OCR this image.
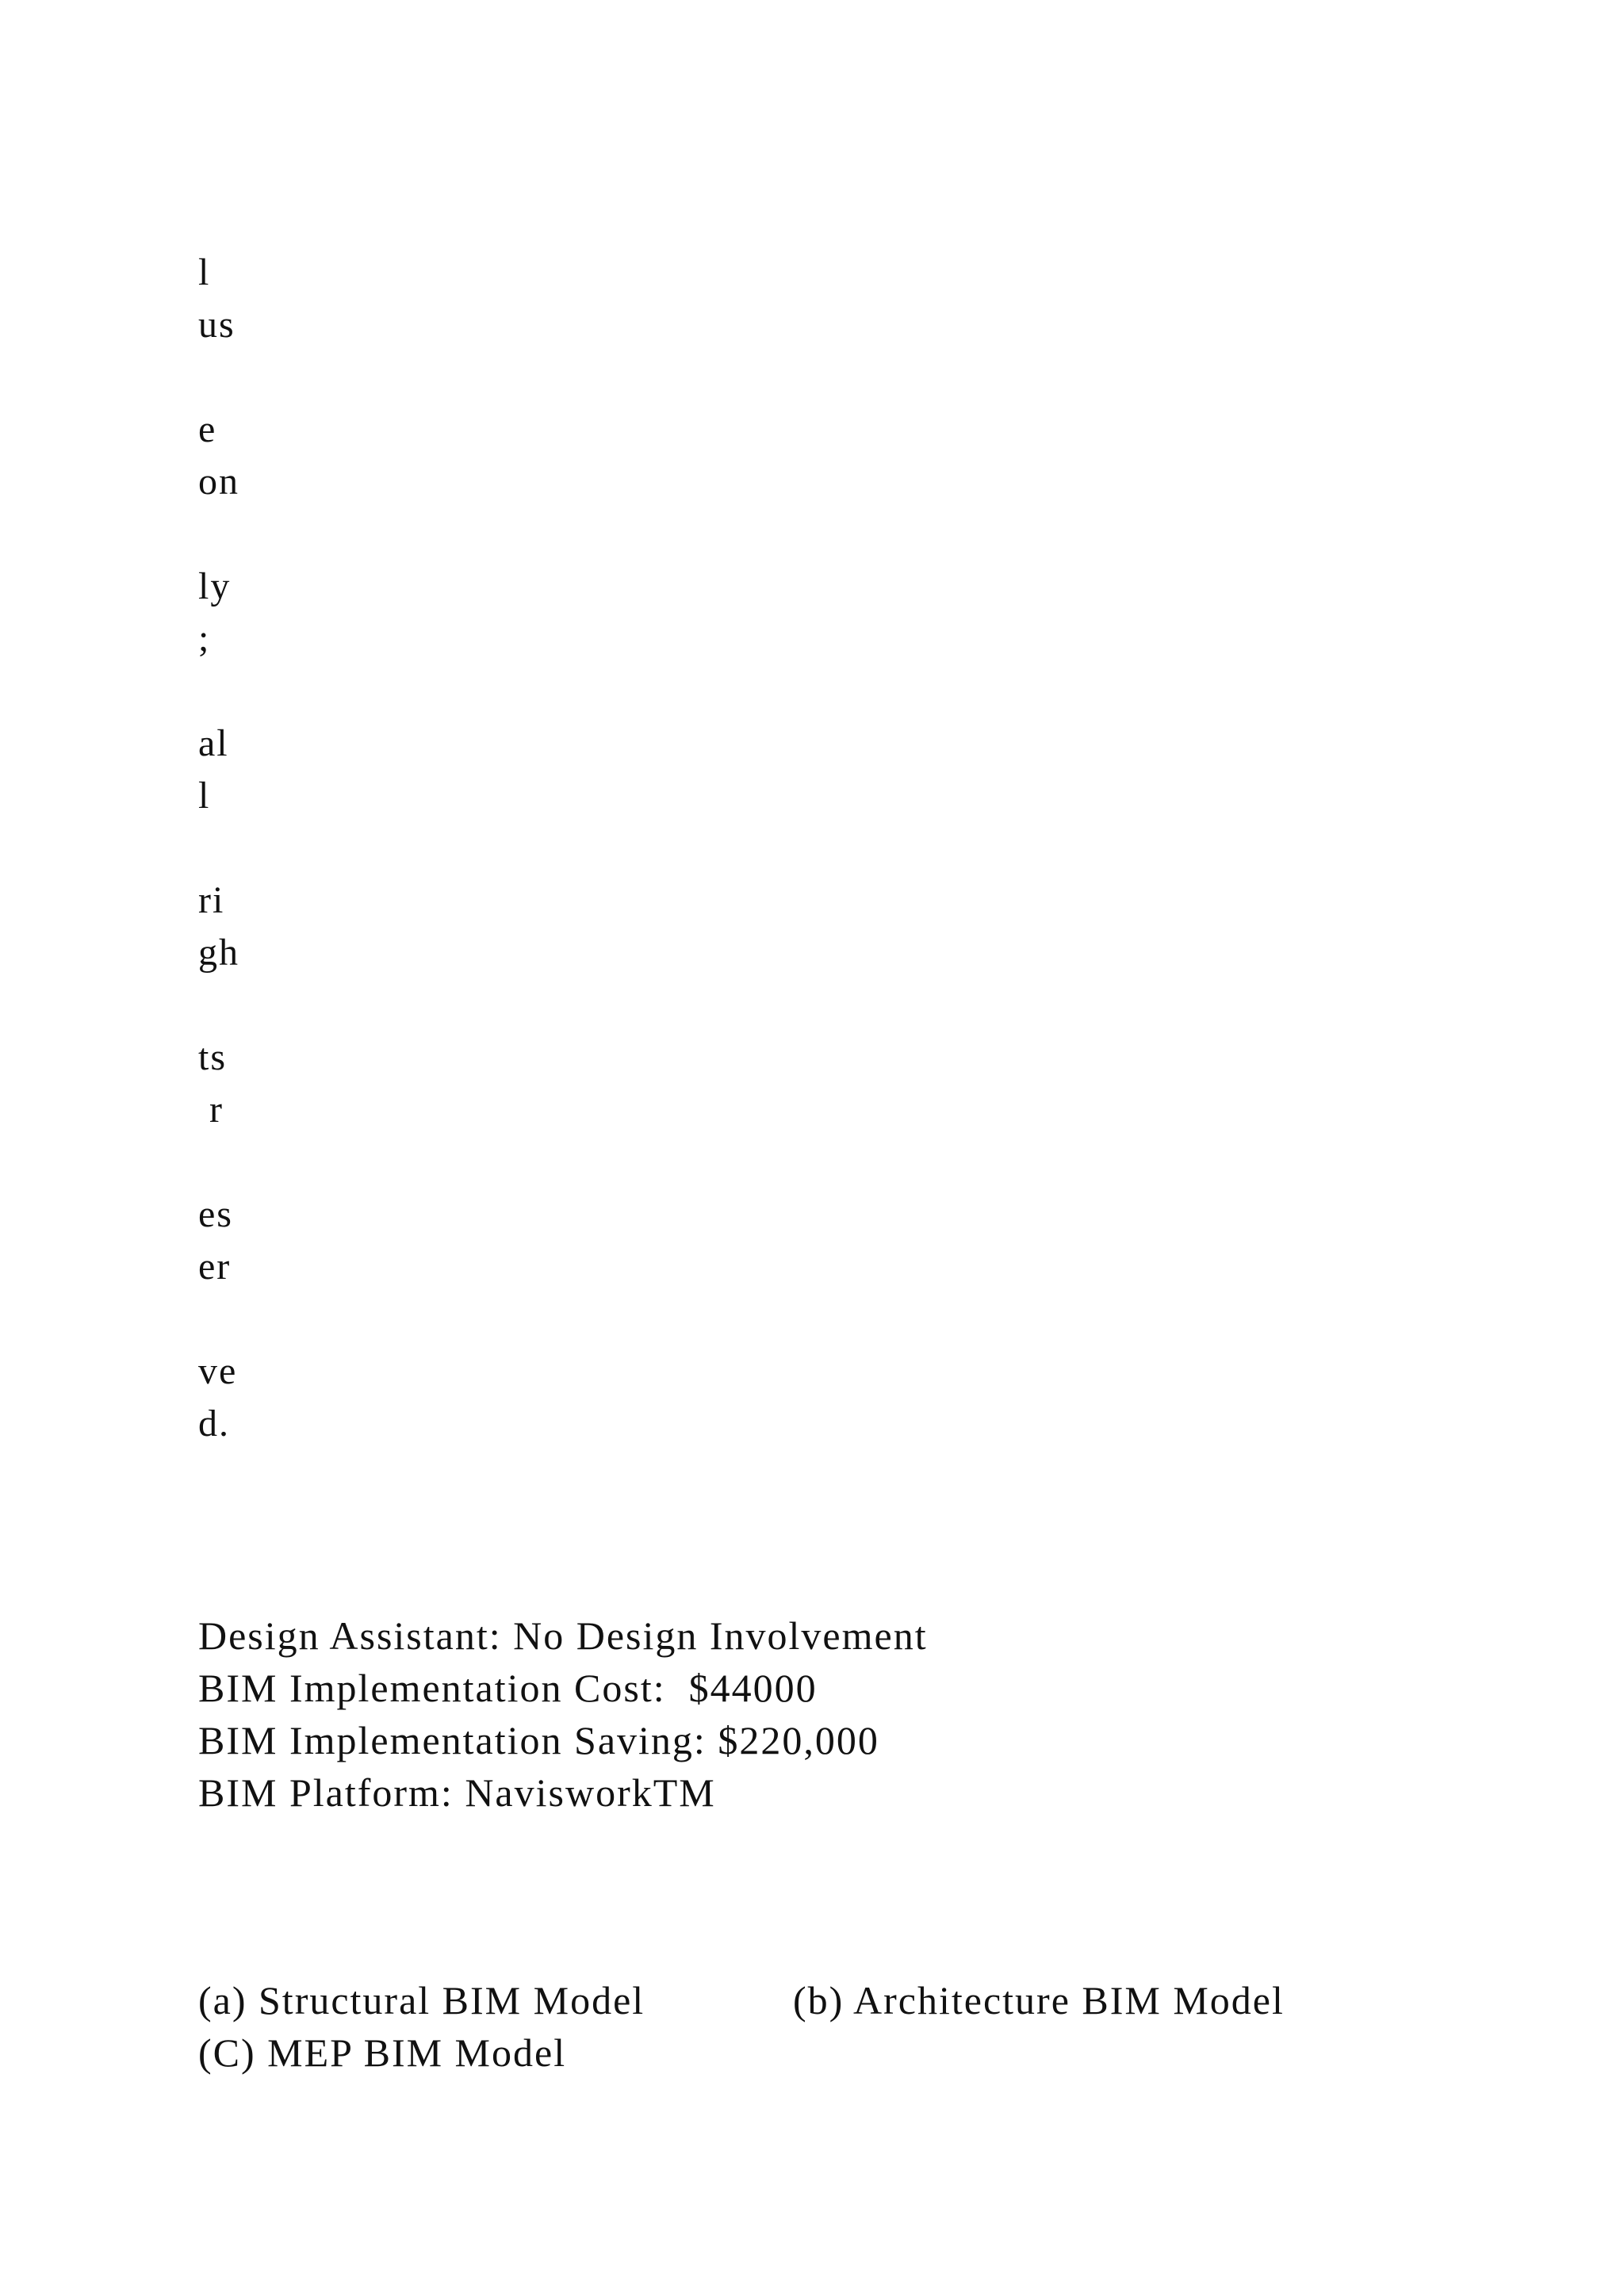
l
us
e
on
ly
;
al
l
ri
gh
ts
r
es
er
ve
d.
Design Assistant: No Design Involvement
BIM Implementation Cost:  $44000
BIM Implementation Saving: $220,000
BIM Platform: NavisworkTM

(a) Structural BIM Model

	(b) Architecture BIM Model

(C) MEP BIM Model
